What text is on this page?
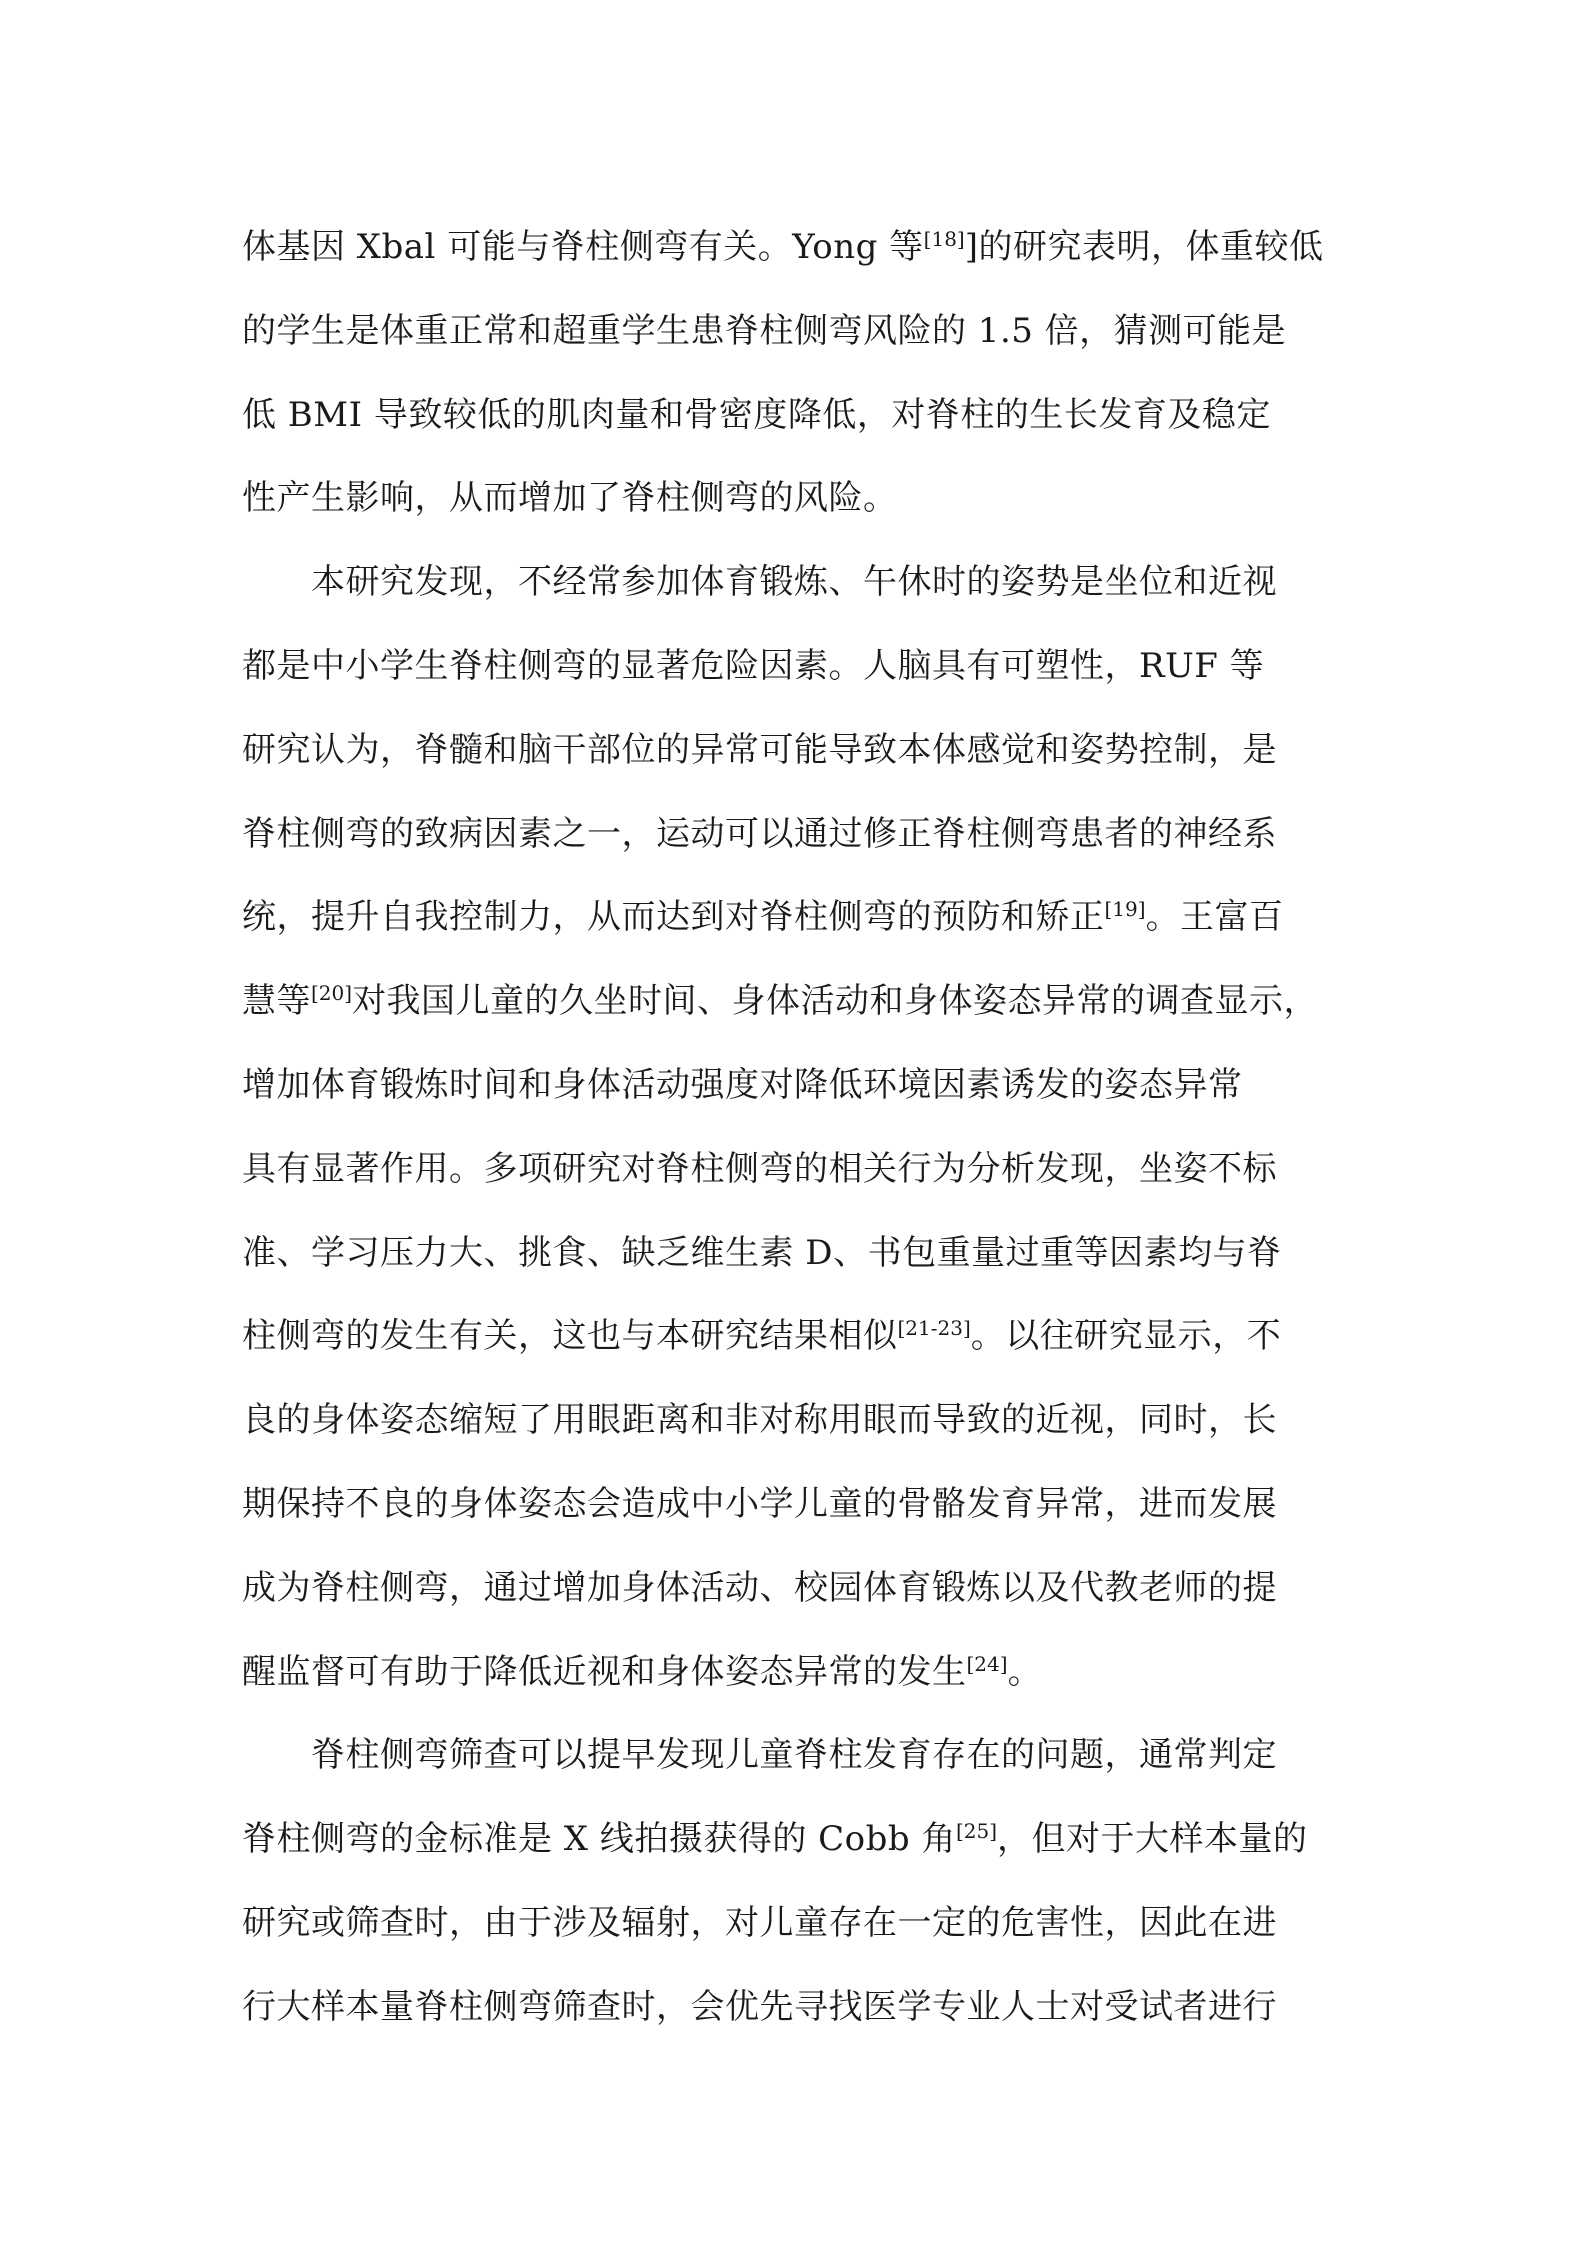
体基因 Xbal 可能与脊柱侧弯有关。Yong 等[18]]的研究表明，体重较低
的学生是体重正常和超重学生患脊柱侧弯风险的 1.5 倍，猜测可能是
低 BMI 导致较低的肌肉量和骨密度降低，对脊柱的生长发育及稳定
性产生影响，从而增加了脊柱侧弯的风险。
　　本研究发现，不经常参加体育锻炼、午休时的姿势是坐位和近视
都是中小学生脊柱侧弯的显著危险因素。人脑具有可塑性，RUF 等
研究认为，脊髓和脑干部位的异常可能导致本体感觉和姿势控制，是
脊柱侧弯的致病因素之一，运动可以通过修正脊柱侧弯患者的神经系
统，提升自我控制力，从而达到对脊柱侧弯的预防和矫正[19]。王富百
慧等[20]对我国儿童的久坐时间、身体活动和身体姿态异常的调查显示，
增加体育锻炼时间和身体活动强度对降低环境因素诱发的姿态异常
具有显著作用。多项研究对脊柱侧弯的相关行为分析发现，坐姿不标
准、学习压力大、挑食、缺乏维生素 D、书包重量过重等因素均与脊
柱侧弯的发生有关，这也与本研究结果相似[21-23]。以往研究显示，不
良的身体姿态缩短了用眼距离和非对称用眼而导致的近视，同时，长
期保持不良的身体姿态会造成中小学儿童的骨骼发育异常，进而发展
成为脊柱侧弯，通过增加身体活动、校园体育锻炼以及代教老师的提
醒监督可有助于降低近视和身体姿态异常的发生[24]。
　　脊柱侧弯筛查可以提早发现儿童脊柱发育存在的问题，通常判定
脊柱侧弯的金标准是 X 线拍摄获得的 Cobb 角[25]，但对于大样本量的
研究或筛查时，由于涉及辐射，对儿童存在一定的危害性，因此在进
行大样本量脊柱侧弯筛查时，会优先寻找医学专业人士对受试者进行
